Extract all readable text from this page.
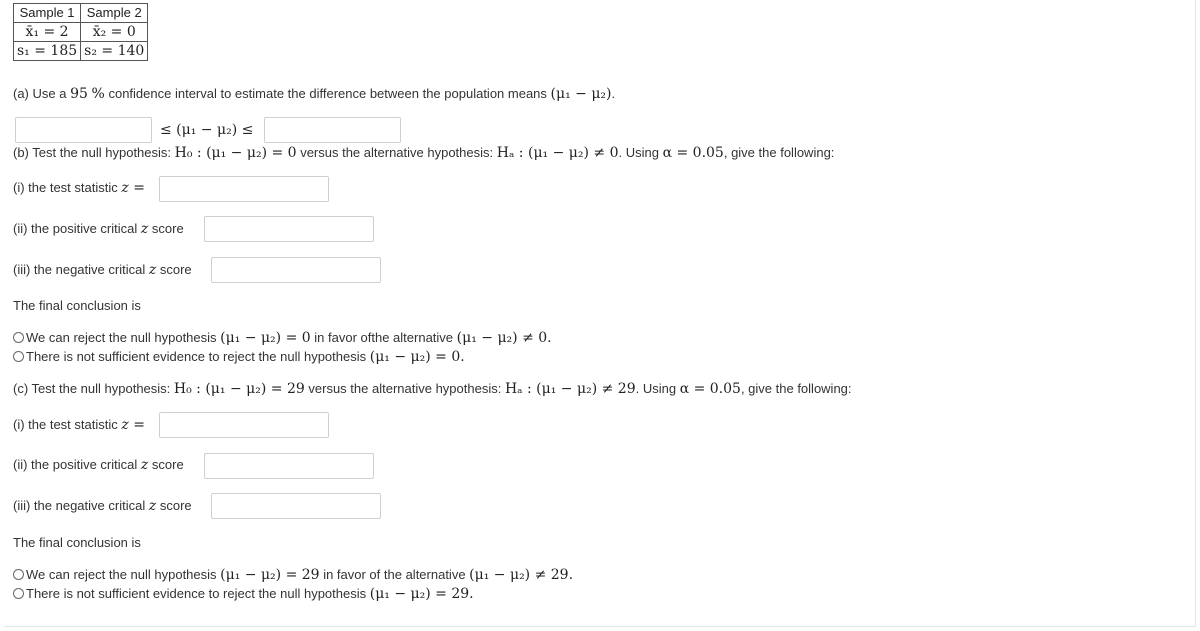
Sample 1	Sample 2
x̄₁ = 2	x̄₂ = 0
s₁ = 185	s₂ = 140
(a) Use a 95 % confidence interval to estimate the difference between the population means (μ₁ − μ₂).
≤ (μ₁ − μ₂) ≤
(b) Test the null hypothesis: H₀ : (μ₁ − μ₂) = 0 versus the alternative hypothesis: Hₐ : (μ₁ − μ₂) ≠ 0. Using α = 0.05, give the following:
(i) the test statistic z =
(ii) the positive critical z score
(iii) the negative critical z score
The final conclusion is
We can reject the null hypothesis (μ₁ − μ₂) = 0 in favor ofthe alternative (μ₁ − μ₂) ≠ 0.
There is not sufficient evidence to reject the null hypothesis (μ₁ − μ₂) = 0.
(c) Test the null hypothesis: H₀ : (μ₁ − μ₂) = 29 versus the alternative hypothesis: Hₐ : (μ₁ − μ₂) ≠ 29. Using α = 0.05, give the following:
(i) the test statistic z =
(ii) the positive critical z score
(iii) the negative critical z score
The final conclusion is
We can reject the null hypothesis (μ₁ − μ₂) = 29 in favor of the alternative (μ₁ − μ₂) ≠ 29.
There is not sufficient evidence to reject the null hypothesis (μ₁ − μ₂) = 29.
